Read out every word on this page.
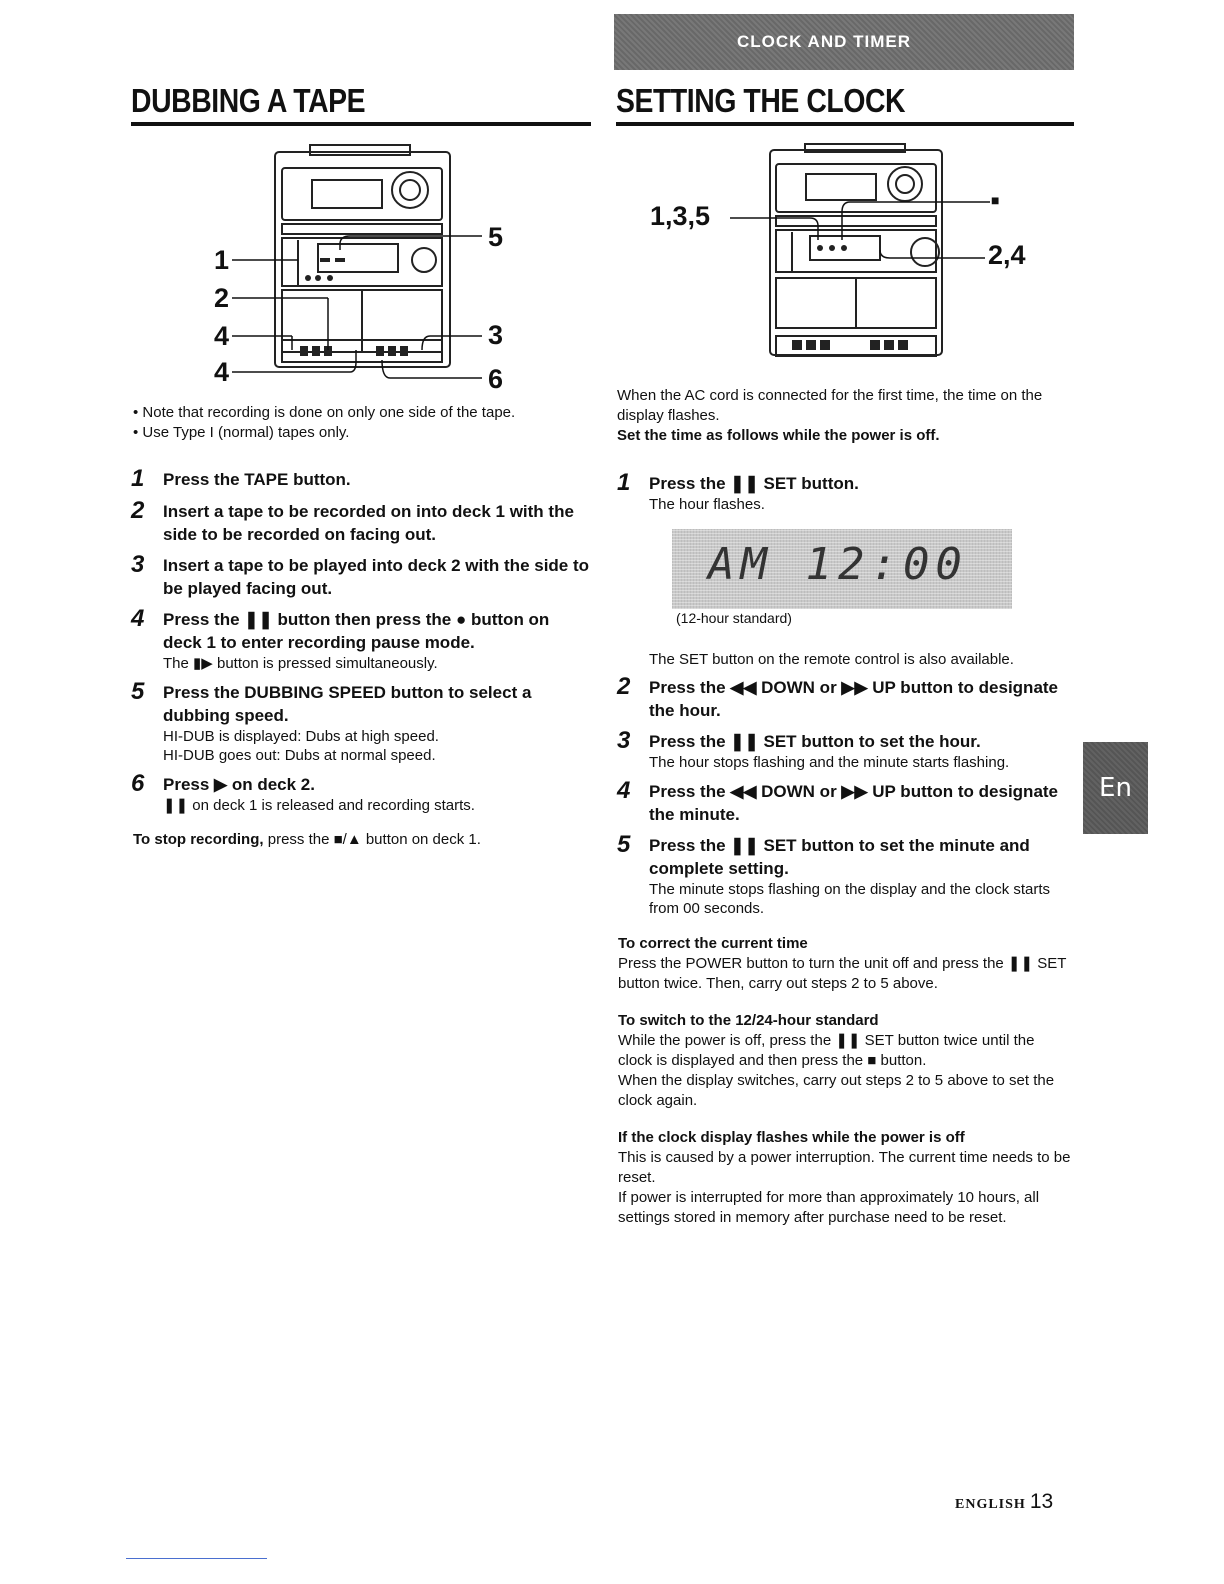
CLOCK AND TIMER
DUBBING A TAPE
1
2
4
4
5
3
6
• Note that recording is done on only one side of the tape.
• Use Type I (normal) tapes only.
1	Press the TAPE button.
2	Insert a tape to be recorded on into deck 1 with the side to be recorded on facing out.
3	Insert a tape to be played into deck 2 with the side to be played facing out.
4	Press the ❚❚ button then press the ● button on deck 1 to enter recording pause mode.
The ▮▶ button is pressed simultaneously.
5	Press the DUBBING SPEED button to select a dubbing speed.
HI-DUB is displayed: Dubs at high speed.
HI-DUB goes out: Dubs at normal speed.
6	Press ▶ on deck 2.
❚❚ on deck 1 is released and recording starts.
To stop recording, press the ■/▲ button on deck 1.
SETTING THE CLOCK
1,3,5
■
2,4
When the AC cord is connected for the first time, the time on the display flashes.
Set the time as follows while the power is off.
1	Press the ❚❚ SET button.
The hour flashes.
AM 12:00
(12-hour standard)
The SET button on the remote control is also available.
2	Press the ◀◀ DOWN or ▶▶ UP button to designate the hour.
3	Press the ❚❚ SET button to set the hour.
The hour stops flashing and the minute starts flashing.
4	Press the ◀◀ DOWN or ▶▶ UP button to designate the minute.
5	Press the ❚❚ SET button to set the minute and complete setting.
The minute stops flashing on the display and the clock starts from 00 seconds.
To correct the current time
Press the POWER button to turn the unit off and press the ❚❚ SET button twice. Then, carry out steps 2 to 5 above.
To switch to the 12/24-hour standard
While the power is off, press the ❚❚ SET button twice until the clock is displayed and then press the ■ button.
When the display switches, carry out steps 2 to 5 above to set the clock again.
If the clock display flashes while the power is off
This is caused by a power interruption. The current time needs to be reset.
If power is interrupted for more than approximately 10 hours, all settings stored in memory after purchase need to be reset.
En
ENGLISH 13
